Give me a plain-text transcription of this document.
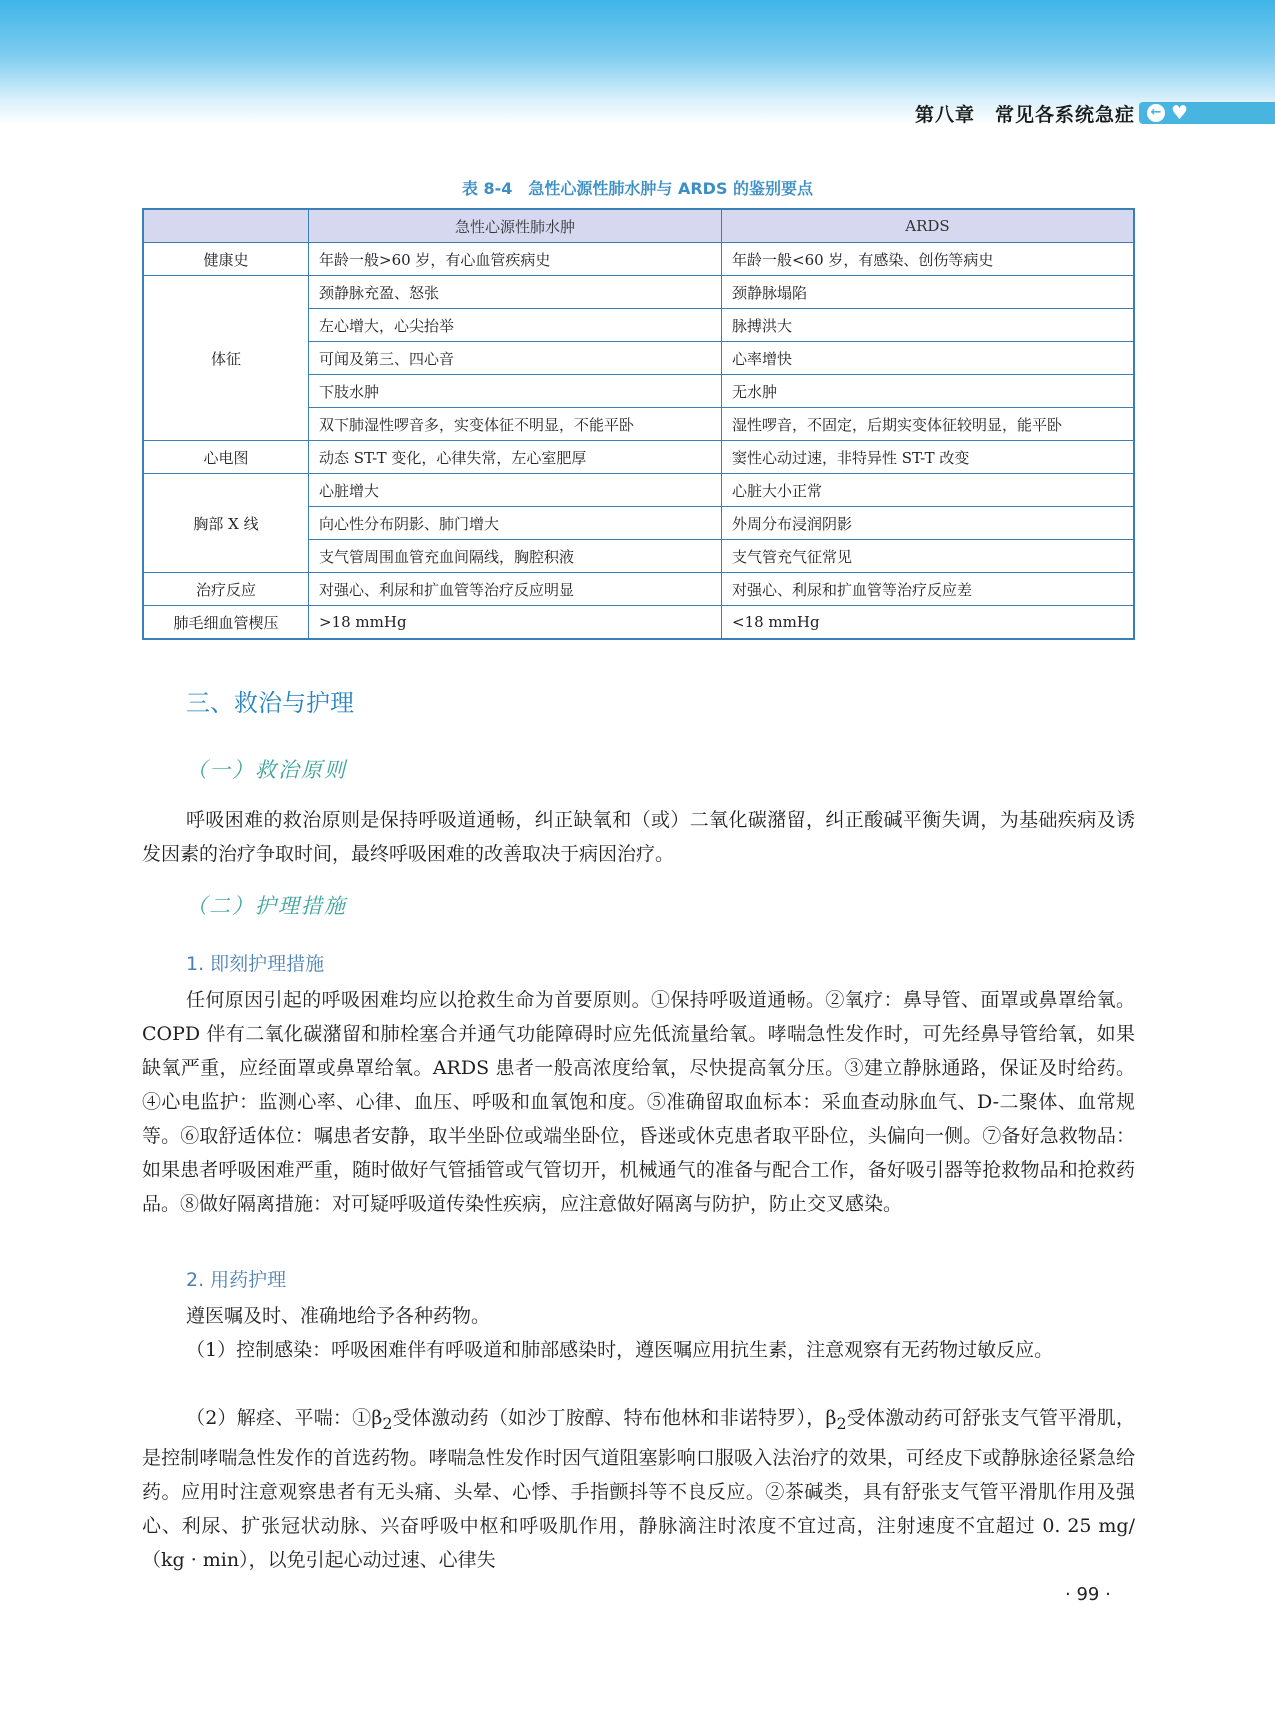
第八章　常见各系统急症 ← ♥
表 8-4　急性心源性肺水肿与 ARDS 的鉴别要点
	急性心源性肺水肿	ARDS
健康史	年龄一般>60 岁，有心血管疾病史	年龄一般<60 岁，有感染、创伤等病史
体征	颈静脉充盈、怒张	颈静脉塌陷
	左心增大，心尖抬举	脉搏洪大
	可闻及第三、四心音	心率增快
	下肢水肿	无水肿
	双下肺湿性啰音多，实变体征不明显，不能平卧	湿性啰音，不固定，后期实变体征较明显，能平卧
心电图	动态 ST-T 变化，心律失常，左心室肥厚	窦性心动过速，非特异性 ST-T 改变
胸部 X 线	心脏增大	心脏大小正常
	向心性分布阴影、肺门增大	外周分布浸润阴影
	支气管周围血管充血间隔线，胸腔积液	支气管充气征常见
治疗反应	对强心、利尿和扩血管等治疗反应明显	对强心、利尿和扩血管等治疗反应差
肺毛细血管楔压	>18 mmHg	<18 mmHg
三、救治与护理
（一）救治原则

呼吸困难的救治原则是保持呼吸道通畅，纠正缺氧和（或）二氧化碳潴留，纠正酸碱平衡失调，为基础疾病及诱发因素的治疗争取时间，最终呼吸困难的改善取决于病因治疗。

（二）护理措施
1. 即刻护理措施

任何原因引起的呼吸困难均应以抢救生命为首要原则。①保持呼吸道通畅。②氧疗：鼻导管、面罩或鼻罩给氧。COPD 伴有二氧化碳潴留和肺栓塞合并通气功能障碍时应先低流量给氧。哮喘急性发作时，可先经鼻导管给氧，如果缺氧严重，应经面罩或鼻罩给氧。ARDS 患者一般高浓度给氧，尽快提高氧分压。③建立静脉通路，保证及时给药。④心电监护：监测心率、心律、血压、呼吸和血氧饱和度。⑤准确留取血标本：采血查动脉血气、D-二聚体、血常规等。⑥取舒适体位：嘱患者安静，取半坐卧位或端坐卧位，昏迷或休克患者取平卧位，头偏向一侧。⑦备好急救物品：如果患者呼吸困难严重，随时做好气管插管或气管切开，机械通气的准备与配合工作，备好吸引器等抢救物品和抢救药品。⑧做好隔离措施：对可疑呼吸道传染性疾病，应注意做好隔离与防护，防止交叉感染。

2. 用药护理

遵医嘱及时、准确地给予各种药物。

（1）控制感染：呼吸困难伴有呼吸道和肺部感染时，遵医嘱应用抗生素，注意观察有无药物过敏反应。

（2）解痉、平喘：$①\beta_2$受体激动药（如沙丁胺醇、特布他林和非诺特罗），$\beta_2$受体激动药可舒张支气管平滑肌，是控制哮喘急性发作的首选药物。哮喘急性发作时因气道阻塞影响口服吸入法治疗的效果，可经皮下或静脉途径紧急给药。应用时注意观察患者有无头痛、头晕、心悸、手指颤抖等不良反应。②茶碱类，具有舒张支气管平滑肌作用及强心、利尿、扩张冠状动脉、兴奋呼吸中枢和呼吸肌作用，静脉滴注时浓度不宜过高，注射速度不宜超过 0. 25 mg/（kg · min），以免引起心动过速、心律失

· 99 ·
